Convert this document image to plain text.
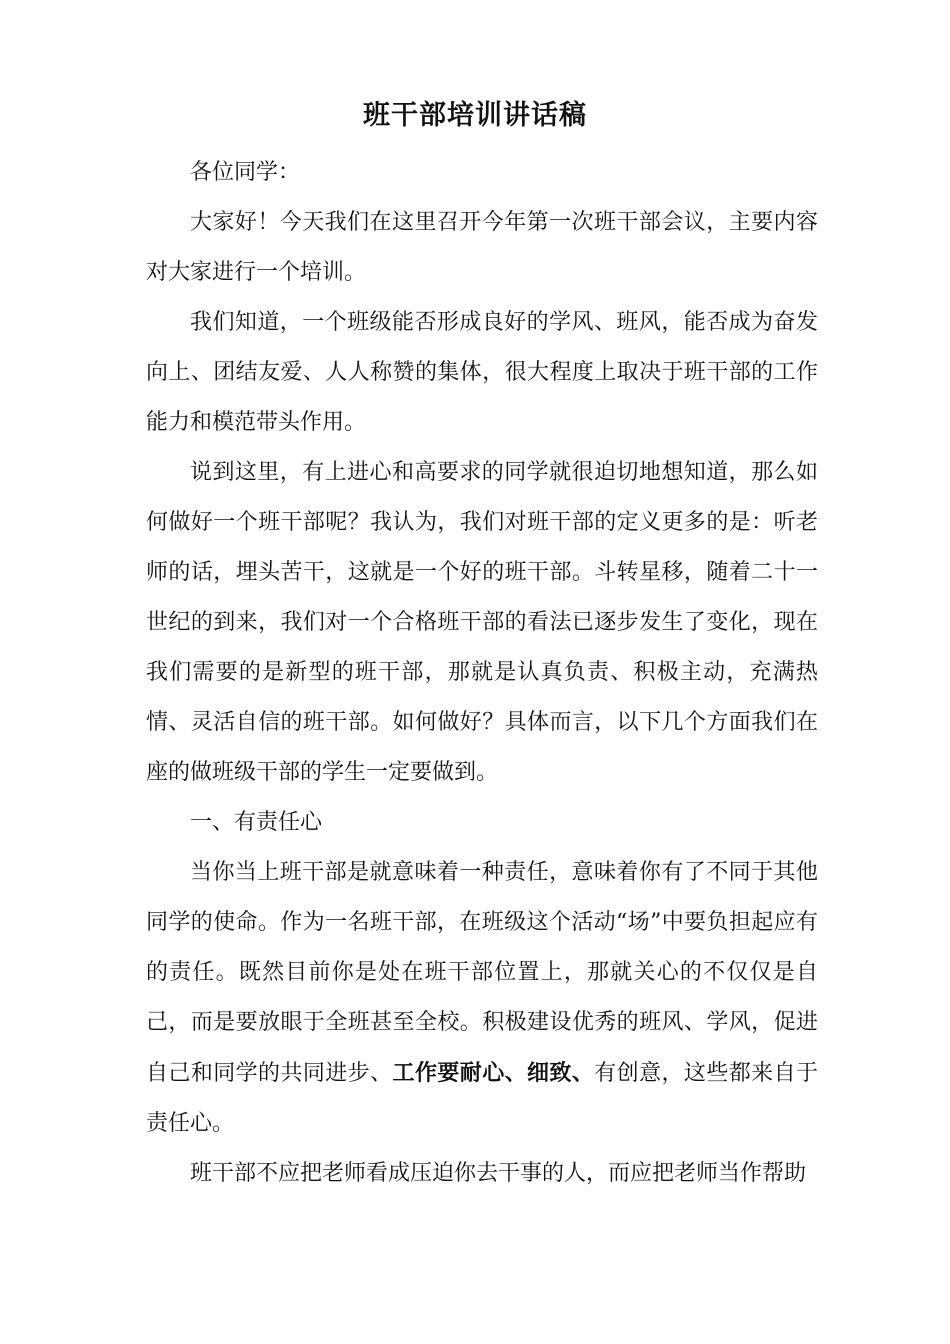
班干部培训讲话稿

各位同学：

大家好！今天我们在这里召开今年第一次班干部会议，主要内容对大家进行一个培训。

我们知道，一个班级能否形成良好的学风、班风，能否成为奋发向上、团结友爱、人人称赞的集体，很大程度上取决于班干部的工作能力和模范带头作用。

说到这里，有上进心和高要求的同学就很迫切地想知道，那么如何做好一个班干部呢？我认为，我们对班干部的定义更多的是：听老师的话，埋头苦干，这就是一个好的班干部。斗转星移，随着二十一世纪的到来，我们对一个合格班干部的看法已逐步发生了变化，现在我们需要的是新型的班干部，那就是认真负责、积极主动，充满热情、灵活自信的班干部。如何做好？具体而言，以下几个方面我们在座的做班级干部的学生一定要做到。

一、有责任心

当你当上班干部是就意味着一种责任，意味着你有了不同于其他同学的使命。作为一名班干部，在班级这个活动“场”中要负担起应有的责任。既然目前你是处在班干部位置上，那就关心的不仅仅是自己，而是要放眼于全班甚至全校。积极建设优秀的班风、学风，促进自己和同学的共同进步、工作要耐心、细致、有创意，这些都来自于责任心。

班干部不应把老师看成压迫你去干事的人，而应把老师当作帮助
